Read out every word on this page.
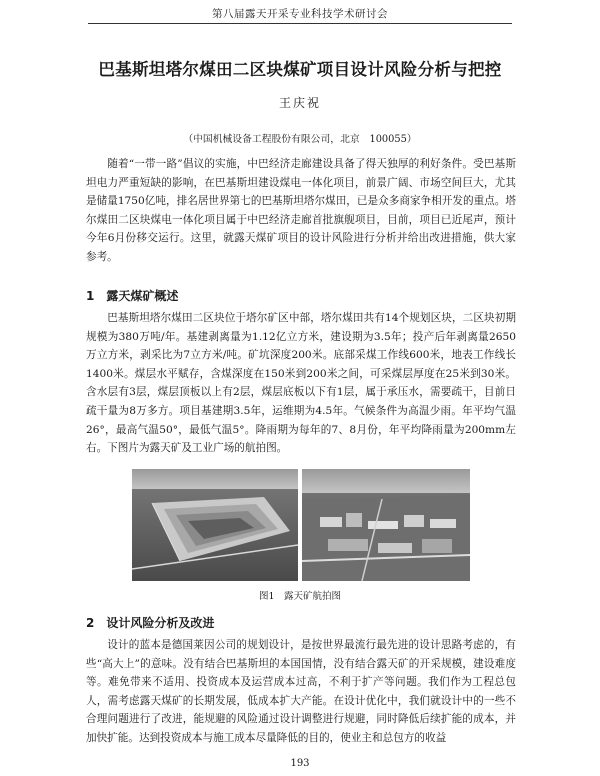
第八届露天开采专业科技学术研讨会
巴基斯坦塔尔煤田二区块煤矿项目设计风险分析与把控
王庆祝
（中国机械设备工程股份有限公司，北京　100055）

随着“一带一路”倡议的实施，中巴经济走廊建设具备了得天独厚的利好条件。受巴基斯坦电力严重短缺的影响，在巴基斯坦建设煤电一体化项目，前景广阔、市场空间巨大，尤其是储量1750亿吨，排名居世界第七的巴基斯坦塔尔煤田，已是众多商家争相开发的重点。塔尔煤田二区块煤电一体化项目属于中巴经济走廊首批旗舰项目，目前，项目已近尾声，预计今年6月份移交运行。这里，就露天煤矿项目的设计风险进行分析并给出改进措施，供大家参考。

1　露天煤矿概述

巴基斯坦塔尔煤田二区块位于塔尔矿区中部，塔尔煤田共有14个规划区块，二区块初期规模为380万吨/年。基建剥离量为1.12亿立方米，建设期为3.5年；投产后年剥离量2650万立方米，剥采比为7立方米/吨。矿坑深度200米。底部采煤工作线600米，地表工作线长1400米。煤层水平赋存，含煤深度在150米到200米之间，可采煤层厚度在25米到30米。含水层有3层，煤层顶板以上有2层，煤层底板以下有1层，属于承压水，需要疏干，目前日疏干量为8万多方。项目基建期3.5年，运维期为4.5年。气候条件为高温少雨。年平均气温26°，最高气温50°，最低气温5°。降雨期为每年的7、8月份，年平均降雨量为200mm左右。下图片为露天矿及工业广场的航拍图。

图1　露天矿航拍图
2　设计风险分析及改进

设计的蓝本是德国莱因公司的规划设计，是按世界最流行最先进的设计思路考虑的，有些“高大上”的意味。没有结合巴基斯坦的本国国情，没有结合露天矿的开采规模，建设难度等。难免带来不适用、投资成本及运营成本过高，不利于扩产等问题。我们作为工程总包人，需考虑露天煤矿的长期发展，低成本扩大产能。在设计优化中，我们就设计中的一些不合理问题进行了改进，能规避的风险通过设计调整进行规避，同时降低后续扩能的成本，并加快扩能。达到投资成本与施工成本尽量降低的目的，使业主和总包方的收益

193
